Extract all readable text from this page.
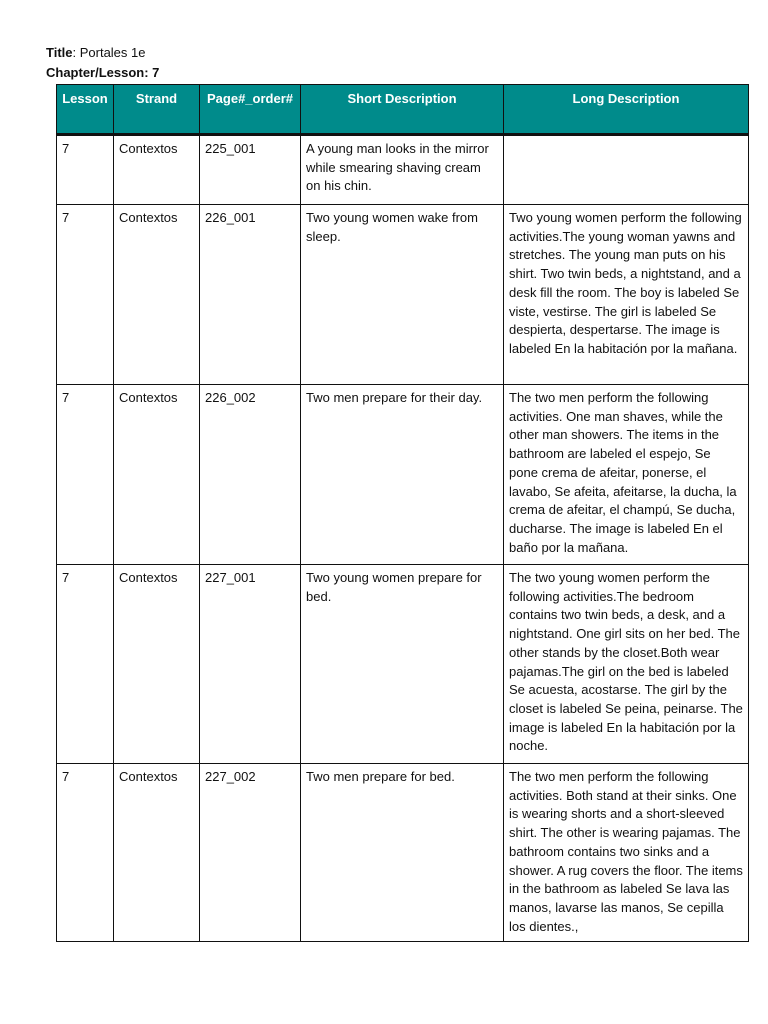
Title: Portales 1e
Chapter/Lesson: 7
Lesson	Strand	Page#_order#	Short Description	Long Description
7	Contextos	225_001	A young man looks in the mirror while smearing shaving cream on his chin.	
7	Contextos	226_001	Two young women wake from sleep.	Two young women perform the following activities.The young woman yawns and stretches. The young man puts on his shirt. Two twin beds, a nightstand, and a desk fill the room. The boy is labeled Se viste, vestirse. The girl is labeled Se despierta, despertarse. The image is labeled En la habitación por la mañana.
7	Contextos	226_002	Two men prepare for their day.	The two men perform the following activities. One man shaves, while the other man showers. The items in the bathroom are labeled el espejo, Se pone crema de afeitar, ponerse, el lavabo, Se afeita, afeitarse, la ducha, la crema de afeitar, el champú, Se ducha, ducharse. The image is labeled En el baño por la mañana.
7	Contextos	227_001	Two young women prepare for bed.	The two young women perform the following activities.The bedroom contains two twin beds, a desk, and a nightstand. One girl sits on her bed. The other stands by the closet.Both wear pajamas.The girl on the bed is labeled Se acuesta, acostarse. The girl by the closet is labeled Se peina, peinarse. The image is labeled En la habitación por la noche.
7	Contextos	227_002	Two men prepare for bed.	The two men perform the following activities. Both stand at their sinks. One is wearing shorts and a short-sleeved shirt. The other is wearing pajamas. The bathroom contains two sinks and a shower. A rug covers the floor. The items in the bathroom as labeled Se lava las manos, lavarse las manos, Se cepilla los dientes.,
